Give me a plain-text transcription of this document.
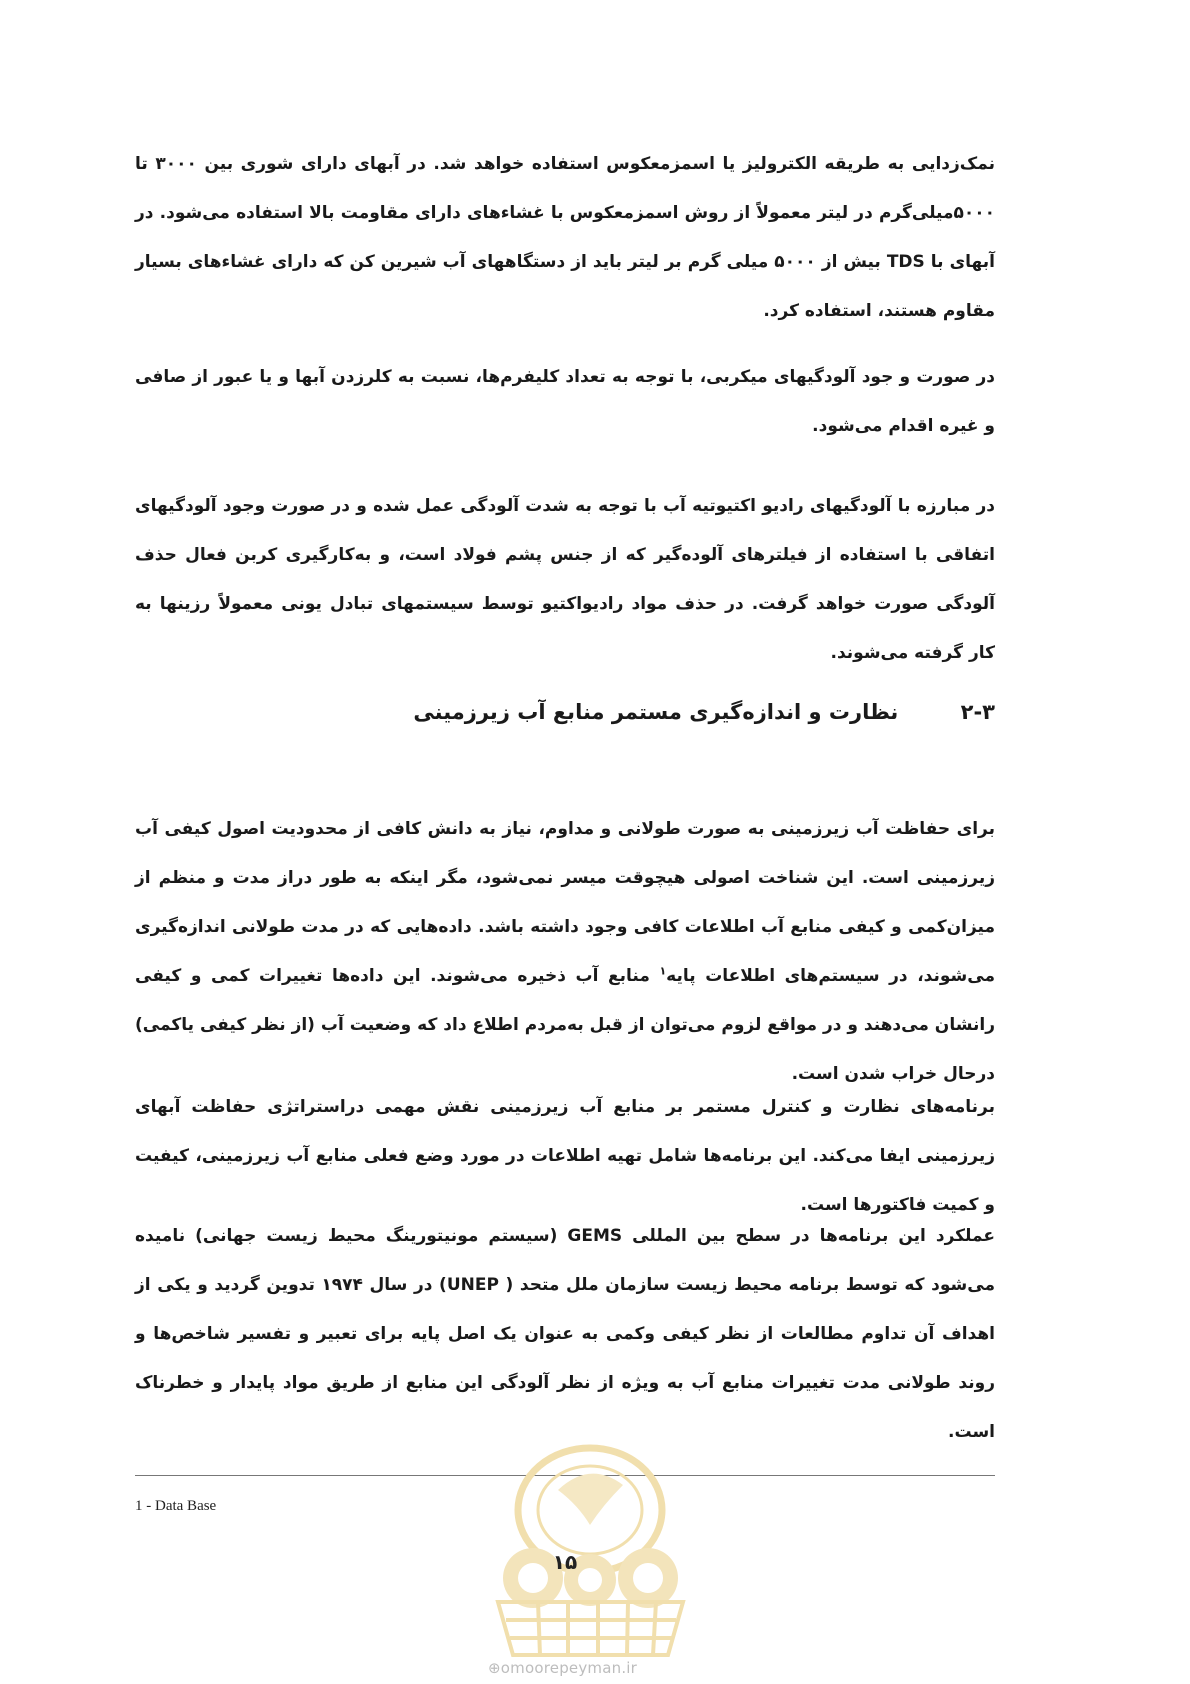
نمک‌زدایی به طریقه الکترولیز یا اسمزمعکوس استفاده خواهد شد. در آبهای دارای شوری بین ۳۰۰۰ تا ۵۰۰۰میلی‌گرم در لیتر معمولاً از روش اسمزمعکوس با غشاءهای دارای مقاومت بالا استفاده می‌شود. در آبهای با TDS بیش از ۵۰۰۰ میلی گرم بر لیتر باید از دستگاههای آب شیرین کن که دارای غشاءهای بسیار مقاوم هستند، استفاده کرد.

در صورت و جود آلودگیهای میکربی، با توجه به تعداد کلیفرم‌ها، نسبت به کلرزدن آبها و یا عبور از صافی و غیره اقدام می‌شود.

در مبارزه با آلودگیهای رادیو اکتیوتیه آب با توجه به شدت آلودگی عمل شده و در صورت وجود آلودگیهای اتفاقی با استفاده از فیلترهای آلوده‌گیر که از جنس پشم فولاد است، و به‌کارگیری کربن فعال حذف آلودگی صورت خواهد گرفت. در حذف مواد رادیواکتیو توسط سیستمهای تبادل یونی معمولاً رزینها به کار گرفته می‌شوند.

۲-۳ نظارت و اندازه‌گیری مستمر منابع آب زیرزمینی

برای حفاظت آب زیرزمینی به صورت طولانی و مداوم، نیاز به دانش کافی از محدودیت اصول کیفی آب زیرزمینی است. این شناخت اصولی هیچوقت میسر نمی‌شود، مگر اینکه به طور دراز مدت و منظم از میزان‌کمی و کیفی منابع آب اطلاعات کافی وجود داشته باشد. داده‌هایی که در مدت طولانی اندازه‌گیری می‌شوند، در سیستم‌های اطلاعات پایه$^۱$ منابع آب ذخیره می‌شوند. این داده‌ها تغییرات کمی و کیفی رانشان می‌دهند و در مواقع لزوم می‌توان از قبل به‌مردم اطلاع داد که وضعیت آب (از نظر کیفی یاکمی) درحال خراب شدن است.

برنامه‌های نظارت و کنترل مستمر بر منابع آب زیرزمینی نقش مهمی دراستراتژی حفاظت آبهای زیرزمینی ایفا می‌کند. این برنامه‌ها شامل تهیه اطلاعات در مورد وضع فعلی منابع آب زیرزمینی، کیفیت و کمیت فاکتورها است.

عملکرد این برنامه‌ها در سطح بین المللی GEMS (سیستم مونیتورینگ محیط زیست جهانی) نامیده می‌شود که توسط برنامه محیط زیست سازمان ملل متحد ( UNEP) در سال ۱۹۷۴ تدوین گردید و یکی از اهداف آن تداوم مطالعات از نظر کیفی وکمی به عنوان یک اصل پایه برای تعبیر و تفسیر شاخص‌ها و روند طولانی مدت تغییرات منابع آب به ویژه از نظر آلودگی این منابع از طریق مواد پایدار و خطرناک است.

1 - Data Base
۱۵
⊕omoorepeyman.ir
